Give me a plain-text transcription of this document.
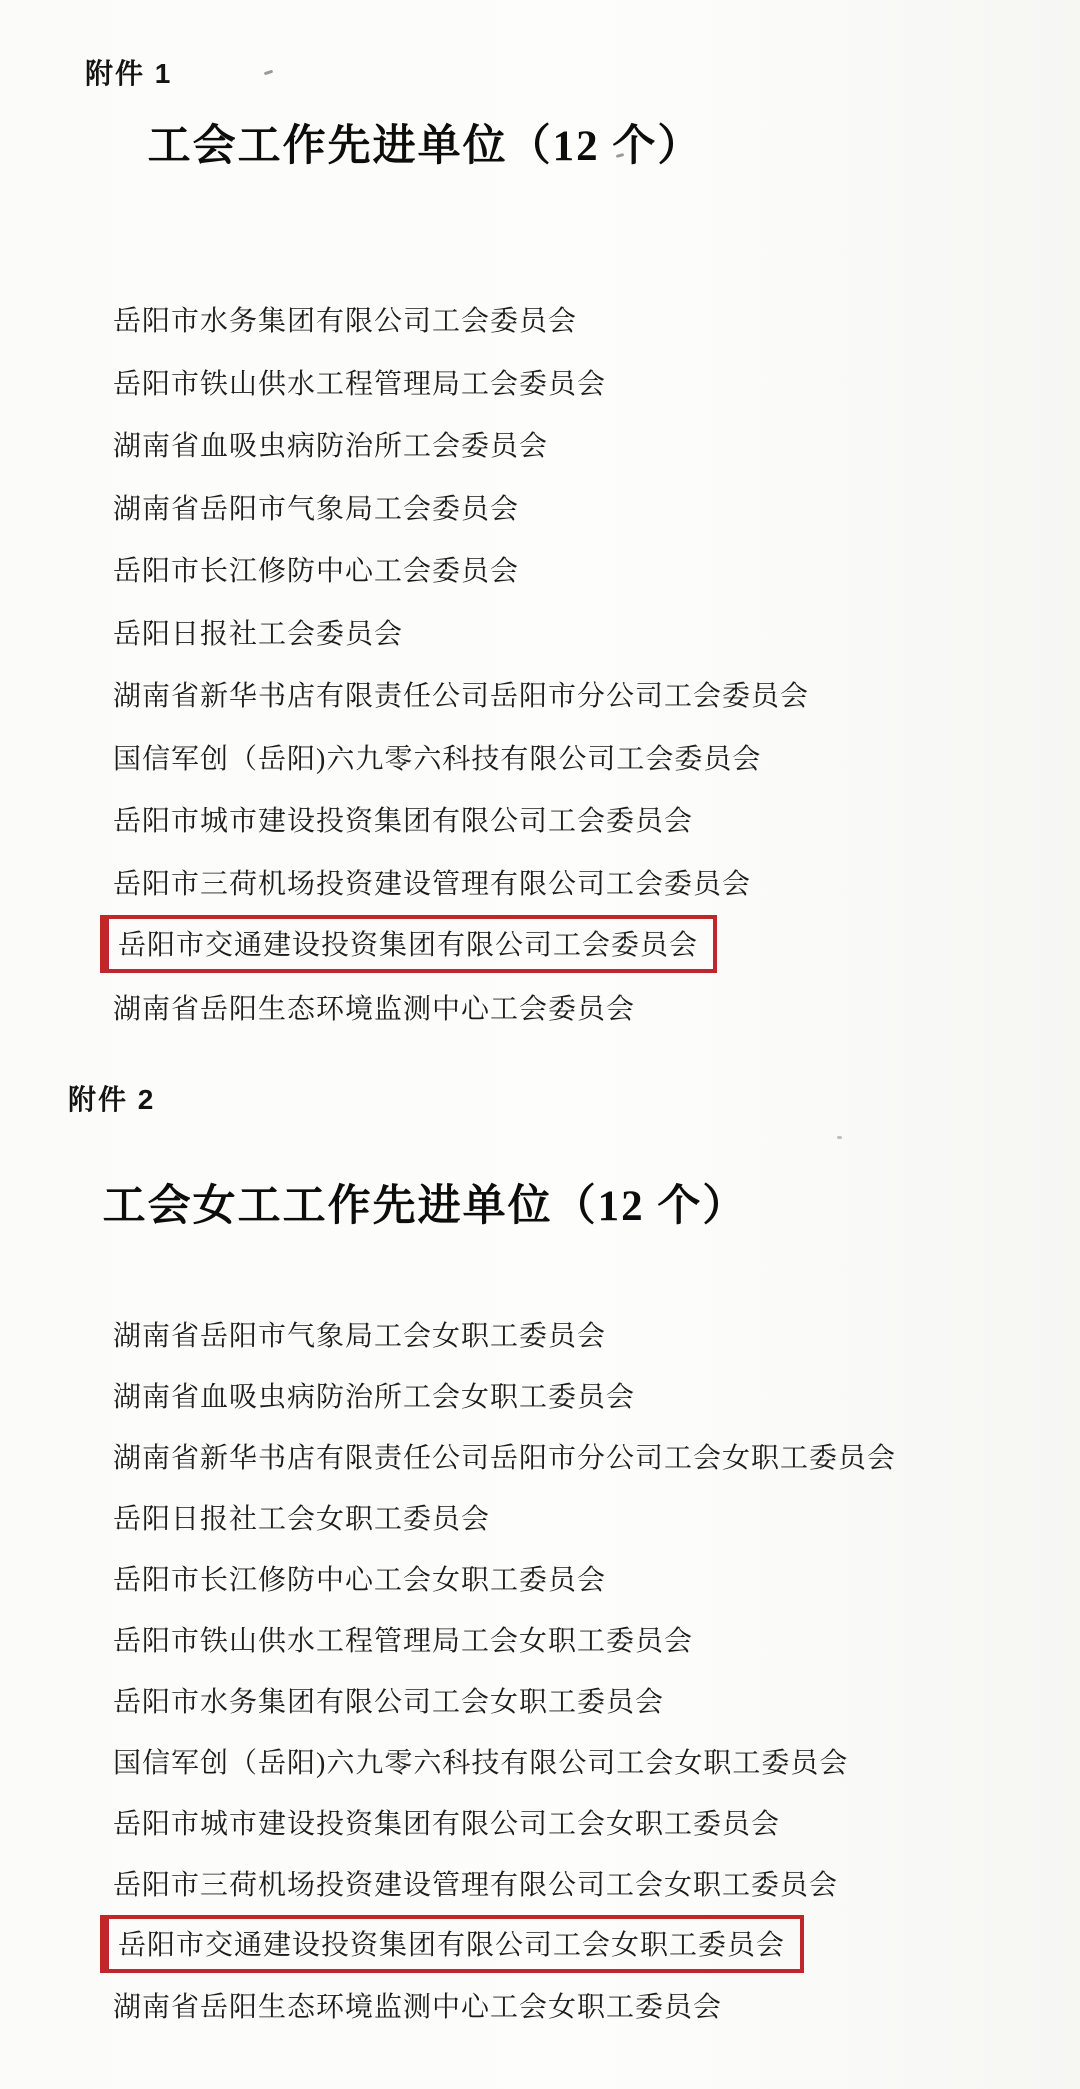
附件 1
工会工作先进单位（12 个）
岳阳市水务集团有限公司工会委员会
岳阳市铁山供水工程管理局工会委员会
湖南省血吸虫病防治所工会委员会
湖南省岳阳市气象局工会委员会
岳阳市长江修防中心工会委员会
岳阳日报社工会委员会
湖南省新华书店有限责任公司岳阳市分公司工会委员会
国信军创（岳阳)六九零六科技有限公司工会委员会
岳阳市城市建设投资集团有限公司工会委员会
岳阳市三荷机场投资建设管理有限公司工会委员会
岳阳市交通建设投资集团有限公司工会委员会
湖南省岳阳生态环境监测中心工会委员会
附件 2
工会女工工作先进单位（12 个）
湖南省岳阳市气象局工会女职工委员会
湖南省血吸虫病防治所工会女职工委员会
湖南省新华书店有限责任公司岳阳市分公司工会女职工委员会
岳阳日报社工会女职工委员会
岳阳市长江修防中心工会女职工委员会
岳阳市铁山供水工程管理局工会女职工委员会
岳阳市水务集团有限公司工会女职工委员会
国信军创（岳阳)六九零六科技有限公司工会女职工委员会
岳阳市城市建设投资集团有限公司工会女职工委员会
岳阳市三荷机场投资建设管理有限公司工会女职工委员会
岳阳市交通建设投资集团有限公司工会女职工委员会
湖南省岳阳生态环境监测中心工会女职工委员会
